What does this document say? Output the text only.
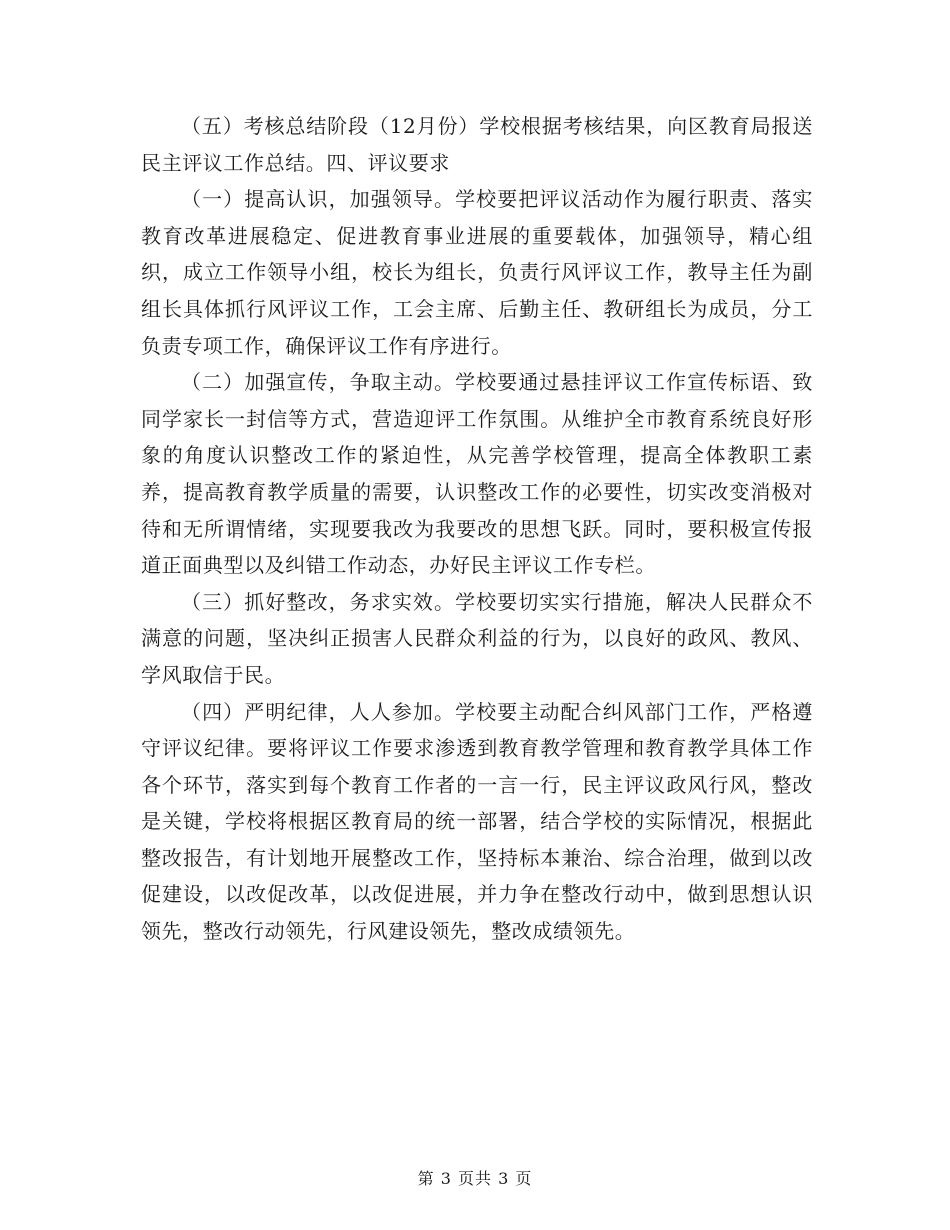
（五）考核总结阶段（12月份）学校根据考核结果，向区教育局报送民主评议工作总结。四、评议要求

（一）提高认识，加强领导。学校要把评议活动作为履行职责、落实教育改革进展稳定、促进教育事业进展的重要载体，加强领导，精心组织，成立工作领导小组，校长为组长，负责行风评议工作，教导主任为副组长具体抓行风评议工作，工会主席、后勤主任、教研组长为成员，分工负责专项工作，确保评议工作有序进行。

（二）加强宣传，争取主动。学校要通过悬挂评议工作宣传标语、致同学家长一封信等方式，营造迎评工作氛围。从维护全市教育系统良好形象的角度认识整改工作的紧迫性，从完善学校管理，提高全体教职工素养，提高教育教学质量的需要，认识整改工作的必要性，切实改变消极对待和无所谓情绪，实现要我改为我要改的思想飞跃。同时，要积极宣传报道正面典型以及纠错工作动态，办好民主评议工作专栏。

（三）抓好整改，务求实效。学校要切实实行措施，解决人民群众不满意的问题，坚决纠正损害人民群众利益的行为，以良好的政风、教风、学风取信于民。

（四）严明纪律，人人参加。学校要主动配合纠风部门工作，严格遵守评议纪律。要将评议工作要求渗透到教育教学管理和教育教学具体工作各个环节，落实到每个教育工作者的一言一行，民主评议政风行风，整改是关键，学校将根据区教育局的统一部署，结合学校的实际情况，根据此整改报告，有计划地开展整改工作，坚持标本兼治、综合治理，做到以改促建设，以改促改革，以改促进展，并力争在整改行动中，做到思想认识领先，整改行动领先，行风建设领先，整改成绩领先。

第 3 页共 3 页
